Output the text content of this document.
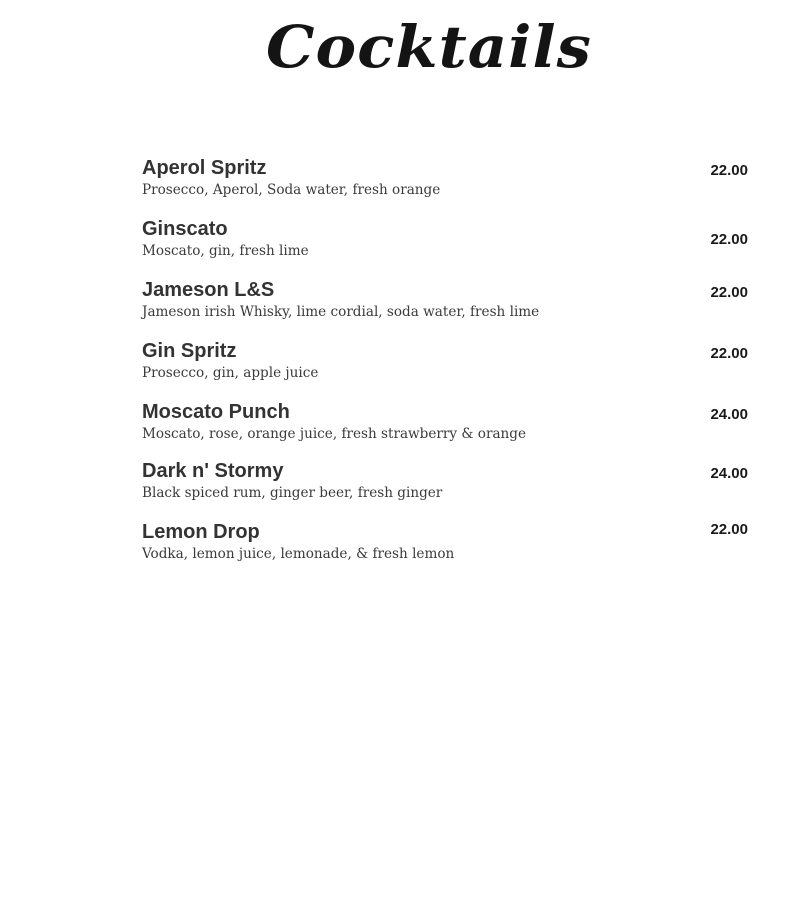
Cocktails
Aperol Spritz
Prosecco, Aperol, Soda water, fresh orange
22.00
Ginscato
Moscato, gin, fresh lime
22.00
Jameson L&S
Jameson irish Whisky, lime cordial, soda water, fresh lime
22.00
Gin Spritz
Prosecco, gin, apple juice
22.00
Moscato Punch
Moscato, rose, orange juice, fresh strawberry & orange
24.00
Dark n' Stormy
Black spiced rum, ginger beer, fresh ginger
24.00
Lemon Drop
Vodka, lemon juice, lemonade, & fresh lemon
22.00
